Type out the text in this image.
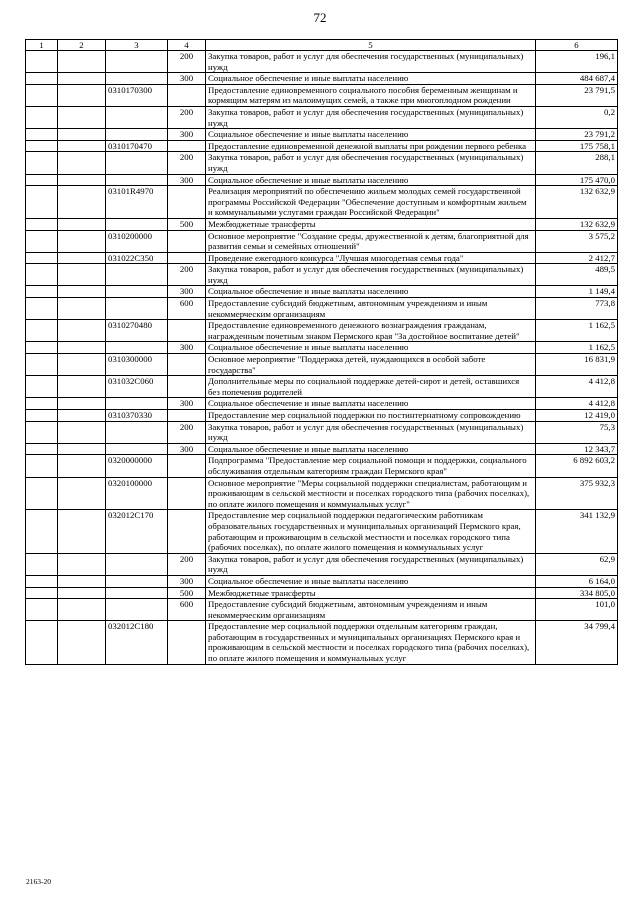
72
1	2	3	4	5	6
			200	Закупка товаров, работ и услуг для обеспечения государственных (муниципальных) нужд	196,1
			300	Социальное обеспечение и иные выплаты населению	484 687,4
		0310170300		Предоставление единовременного социального пособия беременным женщинам и кормящим матерям из малоимущих семей, а также при многоплодном рождении	23 791,5
			200	Закупка товаров, работ и услуг для обеспечения государственных (муниципальных) нужд	0,2
			300	Социальное обеспечение и иные выплаты населению	23 791,2
		0310170470		Предоставление единовременной денежной выплаты при рождении первого ребенка	175 758,1
			200	Закупка товаров, работ и услуг для обеспечения государственных (муниципальных) нужд	288,1
			300	Социальное обеспечение и иные выплаты населению	175 470,0
		03101R4970		Реализация мероприятий по обеспечению жильем молодых семей государственной программы Российской Федерации "Обеспечение доступным и комфортным жильем и коммунальными услугами граждан Российской Федерации"	132 632,9
			500	Межбюджетные трансферты	132 632,9
		0310200000		Основное мероприятие "Создание среды, дружественной к детям, благоприятной для развития семьи и семейных отношений"	3 575,2
		031022C350		Проведение ежегодного конкурса "Лучшая многодетная семья года"	2 412,7
			200	Закупка товаров, работ и услуг для обеспечения государственных (муниципальных) нужд	489,5
			300	Социальное обеспечение и иные выплаты населению	1 149,4
			600	Предоставление субсидий бюджетным, автономным учреждениям и иным некоммерческим организациям	773,8
		0310270480		Предоставление единовременного денежного вознаграждения гражданам, награжденным почетным знаком Пермского края "За достойное воспитание детей"	1 162,5
			300	Социальное обеспечение и иные выплаты населению	1 162,5
		0310300000		Основное мероприятие "Поддержка детей, нуждающихся в особой заботе государства"	16 831,9
		031032С060		Дополнительные меры по социальной поддержке детей-сирот и детей, оставшихся без попечения родителей	4 412,8
			300	Социальное обеспечение и иные выплаты населению	4 412,8
		0310370330		Предоставление мер социальной поддержки по постинтернатному сопровождению	12 419,0
			200	Закупка товаров, работ и услуг для обеспечения государственных (муниципальных) нужд	75,3
			300	Социальное обеспечение и иные выплаты населению	12 343,7
		0320000000		Подпрограмма "Предоставление мер социальной помощи и поддержки, социального обслуживания отдельным категориям граждан Пермского края"	6 892 603,2
		0320100000		Основное мероприятие "Меры социальной поддержки специалистам, работающим и проживающим в сельской местности и поселках городского типа (рабочих поселках), по оплате жилого помещения и коммунальных услуг"	375 932,3
		032012С170		Предоставление мер социальной поддержки педагогическим работникам образовательных государственных и муниципальных организаций Пермского края, работающим и проживающим в сельской местности и поселках городского типа (рабочих поселках), по оплате жилого помещения и коммунальных услуг	341 132,9
			200	Закупка товаров, работ и услуг для обеспечения государственных (муниципальных) нужд	62,9
			300	Социальное обеспечение и иные выплаты населению	6 164,0
			500	Межбюджетные трансферты	334 805,0
			600	Предоставление субсидий бюджетным, автономным учреждениям и иным некоммерческим организациям	101,0
		032012С180		Предоставление мер социальной поддержки отдельным категориям граждан, работающим в государственных и муниципальных организациях Пермского края и проживающим в сельской местности и поселках городского типа (рабочих поселках), по оплате жилого помещения и коммунальных услуг	34 799,4
2163-20
